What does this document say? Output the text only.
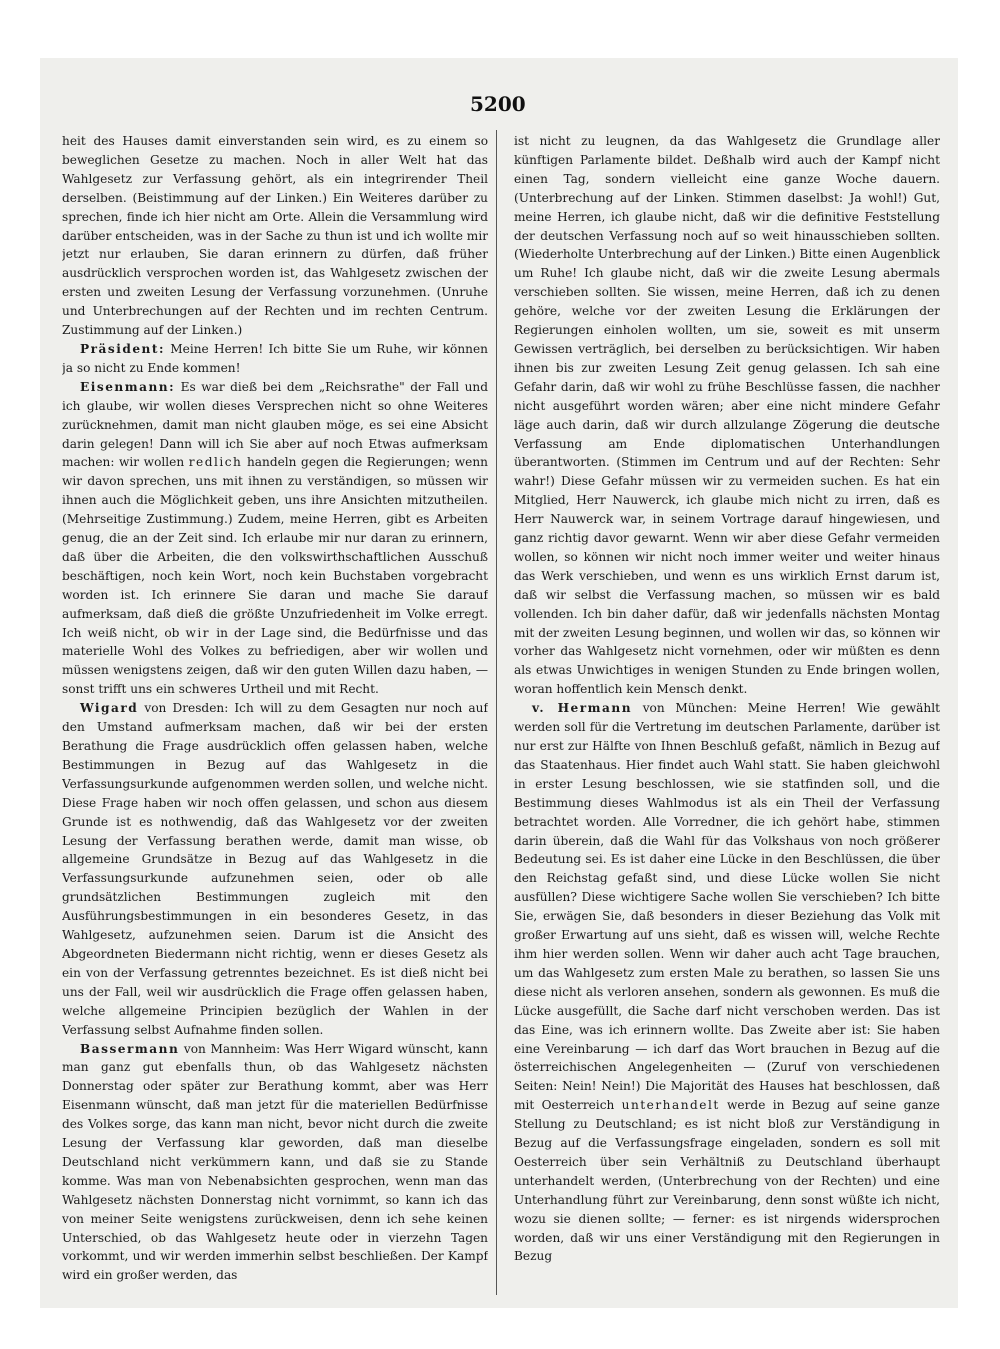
5200

heit des Hauses damit einverstanden sein wird, es zu einem so beweglichen Gesetze zu machen. Noch in aller Welt hat das Wahlgesetz zur Verfassung gehört, als ein integrirender Theil derselben. (Beistimmung auf der Linken.) Ein Weiteres darüber zu sprechen, finde ich hier nicht am Orte. Allein die Versammlung wird darüber entscheiden, was in der Sache zu thun ist und ich wollte mir jetzt nur erlauben, Sie daran erinnern zu dürfen, daß früher ausdrücklich versprochen worden ist, das Wahlgesetz zwischen der ersten und zweiten Lesung der Verfassung vorzunehmen. (Unruhe und Unterbrechungen auf der Rechten und im rechten Centrum. Zustimmung auf der Linken.)

Präsident: Meine Herren! Ich bitte Sie um Ruhe, wir können ja so nicht zu Ende kommen!

Eisenmann: Es war dieß bei dem „Reichsrathe" der Fall und ich glaube, wir wollen dieses Versprechen nicht so ohne Weiteres zurücknehmen, damit man nicht glauben möge, es sei eine Absicht darin gelegen! Dann will ich Sie aber auf noch Etwas aufmerksam machen: wir wollen redlich handeln gegen die Regierungen; wenn wir davon sprechen, uns mit ihnen zu verständigen, so müssen wir ihnen auch die Möglichkeit geben, uns ihre Ansichten mitzutheilen. (Mehrseitige Zustimmung.) Zudem, meine Herren, gibt es Arbeiten genug, die an der Zeit sind. Ich erlaube mir nur daran zu erinnern, daß über die Arbeiten, die den volkswirthschaftlichen Ausschuß beschäftigen, noch kein Wort, noch kein Buchstaben vorgebracht worden ist. Ich erinnere Sie daran und mache Sie darauf aufmerksam, daß dieß die größte Unzufriedenheit im Volke erregt. Ich weiß nicht, ob wir in der Lage sind, die Bedürfnisse und das materielle Wohl des Volkes zu befriedigen, aber wir wollen und müssen wenigstens zeigen, daß wir den guten Willen dazu haben, — sonst trifft uns ein schweres Urtheil und mit Recht.

Wigard von Dresden: Ich will zu dem Gesagten nur noch auf den Umstand aufmerksam machen, daß wir bei der ersten Berathung die Frage ausdrücklich offen gelassen haben, welche Bestimmungen in Bezug auf das Wahlgesetz in die Verfassungsurkunde aufgenommen werden sollen, und welche nicht. Diese Frage haben wir noch offen gelassen, und schon aus diesem Grunde ist es nothwendig, daß das Wahlgesetz vor der zweiten Lesung der Verfassung berathen werde, damit man wisse, ob allgemeine Grundsätze in Bezug auf das Wahlgesetz in die Verfassungsurkunde aufzunehmen seien, oder ob alle grundsätzlichen Bestimmungen zugleich mit den Ausführungsbestimmungen in ein besonderes Gesetz, in das Wahlgesetz, aufzunehmen seien. Darum ist die Ansicht des Abgeordneten Biedermann nicht richtig, wenn er dieses Gesetz als ein von der Verfassung getrenntes bezeichnet. Es ist dieß nicht bei uns der Fall, weil wir ausdrücklich die Frage offen gelassen haben, welche allgemeine Principien bezüglich der Wahlen in der Verfassung selbst Aufnahme finden sollen.

Bassermann von Mannheim: Was Herr Wigard wünscht, kann man ganz gut ebenfalls thun, ob das Wahlgesetz nächsten Donnerstag oder später zur Berathung kommt, aber was Herr Eisenmann wünscht, daß man jetzt für die materiellen Bedürfnisse des Volkes sorge, das kann man nicht, bevor nicht durch die zweite Lesung der Verfassung klar geworden, daß man dieselbe Deutschland nicht verkümmern kann, und daß sie zu Stande komme. Was man von Nebenabsichten gesprochen, wenn man das Wahlgesetz nächsten Donnerstag nicht vornimmt, so kann ich das von meiner Seite wenigstens zurückweisen, denn ich sehe keinen Unterschied, ob das Wahlgesetz heute oder in vierzehn Tagen vorkommt, und wir werden immerhin selbst beschließen. Der Kampf wird ein großer werden, das

ist nicht zu leugnen, da das Wahlgesetz die Grundlage aller künftigen Parlamente bildet. Deßhalb wird auch der Kampf nicht einen Tag, sondern vielleicht eine ganze Woche dauern. (Unterbrechung auf der Linken. Stimmen daselbst: Ja wohl!) Gut, meine Herren, ich glaube nicht, daß wir die definitive Feststellung der deutschen Verfassung noch auf so weit hinausschieben sollten. (Wiederholte Unterbrechung auf der Linken.) Bitte einen Augenblick um Ruhe! Ich glaube nicht, daß wir die zweite Lesung abermals verschieben sollten. Sie wissen, meine Herren, daß ich zu denen gehöre, welche vor der zweiten Lesung die Erklärungen der Regierungen einholen wollten, um sie, soweit es mit unserm Gewissen verträglich, bei derselben zu berücksichtigen. Wir haben ihnen bis zur zweiten Lesung Zeit genug gelassen. Ich sah eine Gefahr darin, daß wir wohl zu frühe Beschlüsse fassen, die nachher nicht ausgeführt worden wären; aber eine nicht mindere Gefahr läge auch darin, daß wir durch allzulange Zögerung die deutsche Verfassung am Ende diplomatischen Unterhandlungen überantworten. (Stimmen im Centrum und auf der Rechten: Sehr wahr!) Diese Gefahr müssen wir zu vermeiden suchen. Es hat ein Mitglied, Herr Nauwerck, ich glaube mich nicht zu irren, daß es Herr Nauwerck war, in seinem Vortrage darauf hingewiesen, und ganz richtig davor gewarnt. Wenn wir aber diese Gefahr vermeiden wollen, so können wir nicht noch immer weiter und weiter hinaus das Werk verschieben, und wenn es uns wirklich Ernst darum ist, daß wir selbst die Verfassung machen, so müssen wir es bald vollenden. Ich bin daher dafür, daß wir jedenfalls nächsten Montag mit der zweiten Lesung beginnen, und wollen wir das, so können wir vorher das Wahlgesetz nicht vornehmen, oder wir müßten es denn als etwas Unwichtiges in wenigen Stunden zu Ende bringen wollen, woran hoffentlich kein Mensch denkt.

v. Hermann von München: Meine Herren! Wie gewählt werden soll für die Vertretung im deutschen Parlamente, darüber ist nur erst zur Hälfte von Ihnen Beschluß gefaßt, nämlich in Bezug auf das Staatenhaus. Hier findet auch Wahl statt. Sie haben gleichwohl in erster Lesung beschlossen, wie sie statfinden soll, und die Bestimmung dieses Wahlmodus ist als ein Theil der Verfassung betrachtet worden. Alle Vorredner, die ich gehört habe, stimmen darin überein, daß die Wahl für das Volkshaus von noch größerer Bedeutung sei. Es ist daher eine Lücke in den Beschlüssen, die über den Reichstag gefaßt sind, und diese Lücke wollen Sie nicht ausfüllen? Diese wichtigere Sache wollen Sie verschieben? Ich bitte Sie, erwägen Sie, daß besonders in dieser Beziehung das Volk mit großer Erwartung auf uns sieht, daß es wissen will, welche Rechte ihm hier werden sollen. Wenn wir daher auch acht Tage brauchen, um das Wahlgesetz zum ersten Male zu berathen, so lassen Sie uns diese nicht als verloren ansehen, sondern als gewonnen. Es muß die Lücke ausgefüllt, die Sache darf nicht verschoben werden. Das ist das Eine, was ich erinnern wollte. Das Zweite aber ist: Sie haben eine Vereinbarung — ich darf das Wort brauchen in Bezug auf die österreichischen Angelegenheiten — (Zuruf von verschiedenen Seiten: Nein! Nein!) Die Majorität des Hauses hat beschlossen, daß mit Oesterreich unterhandelt werde in Bezug auf seine ganze Stellung zu Deutschland; es ist nicht bloß zur Verständigung in Bezug auf die Verfassungsfrage eingeladen, sondern es soll mit Oesterreich über sein Verhältniß zu Deutschland überhaupt unterhandelt werden, (Unterbrechung von der Rechten) und eine Unterhandlung führt zur Vereinbarung, denn sonst wüßte ich nicht, wozu sie dienen sollte; — ferner: es ist nirgends widersprochen worden, daß wir uns einer Verständigung mit den Regierungen in Bezug
